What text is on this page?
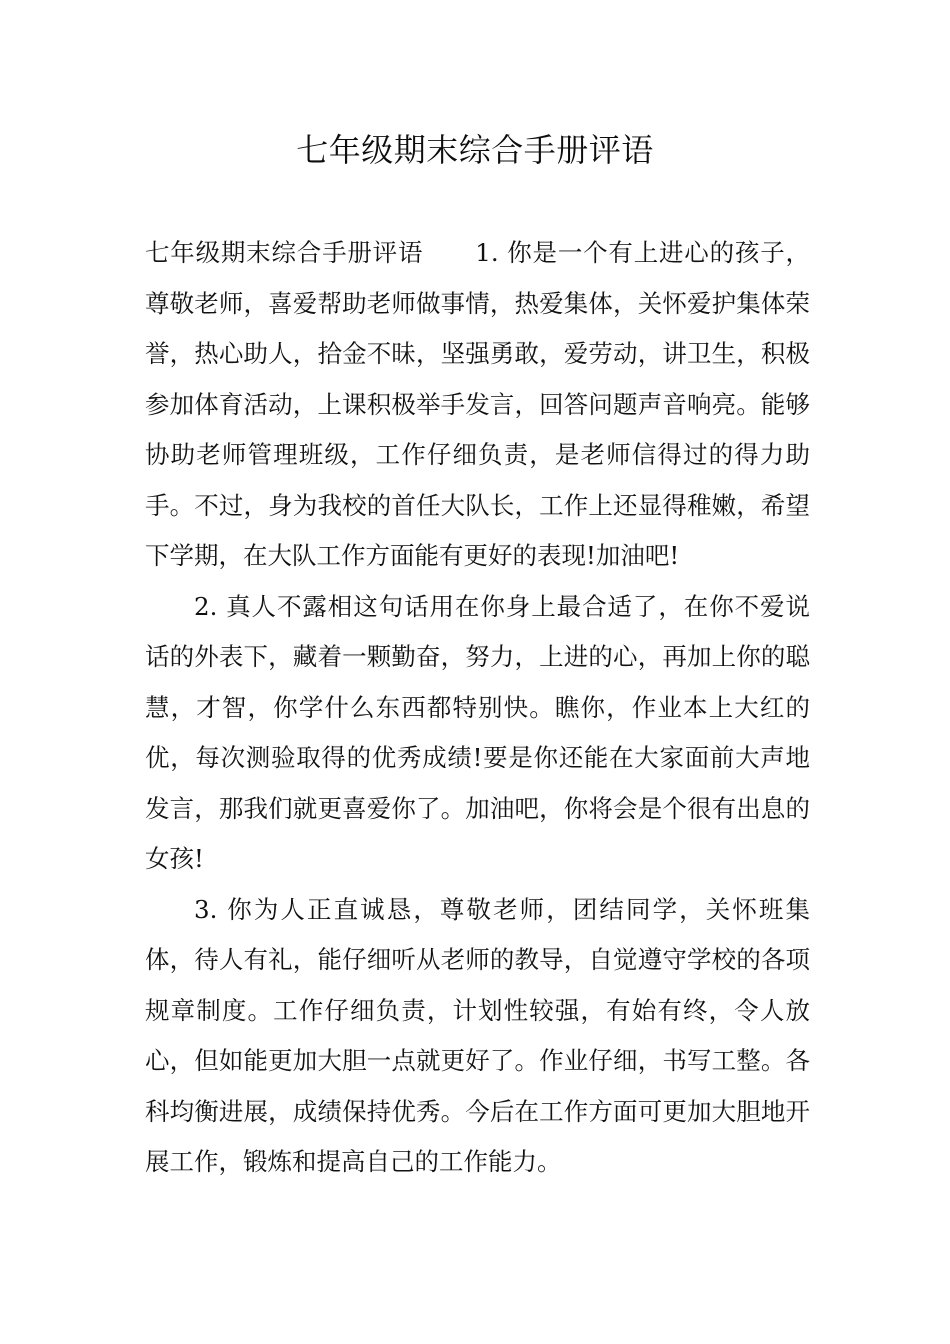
七年级期末综合手册评语

七年级期末综合手册评语 1. 你是一个有上进心的孩子，尊敬老师，喜爱帮助老师做事情，热爱集体，关怀爱护集体荣誉，热心助人，拾金不昧，坚强勇敢，爱劳动，讲卫生，积极参加体育活动，上课积极举手发言，回答问题声音响亮。能够协助老师管理班级，工作仔细负责，是老师信得过的得力助手。不过，身为我校的首任大队长，工作上还显得稚嫩，希望下学期，在大队工作方面能有更好的表现!加油吧!

2. 真人不露相这句话用在你身上最合适了，在你不爱说话的外表下，藏着一颗勤奋，努力，上进的心，再加上你的聪慧，才智，你学什么东西都特别快。瞧你，作业本上大红的优，每次测验取得的优秀成绩!要是你还能在大家面前大声地发言，那我们就更喜爱你了。加油吧，你将会是个很有出息的女孩!

3. 你为人正直诚恳，尊敬老师，团结同学，关怀班集体，待人有礼，能仔细听从老师的教导，自觉遵守学校的各项规章制度。工作仔细负责，计划性较强，有始有终，令人放心，但如能更加大胆一点就更好了。作业仔细，书写工整。各科均衡进展，成绩保持优秀。今后在工作方面可更加大胆地开展工作，锻炼和提高自己的工作能力。
